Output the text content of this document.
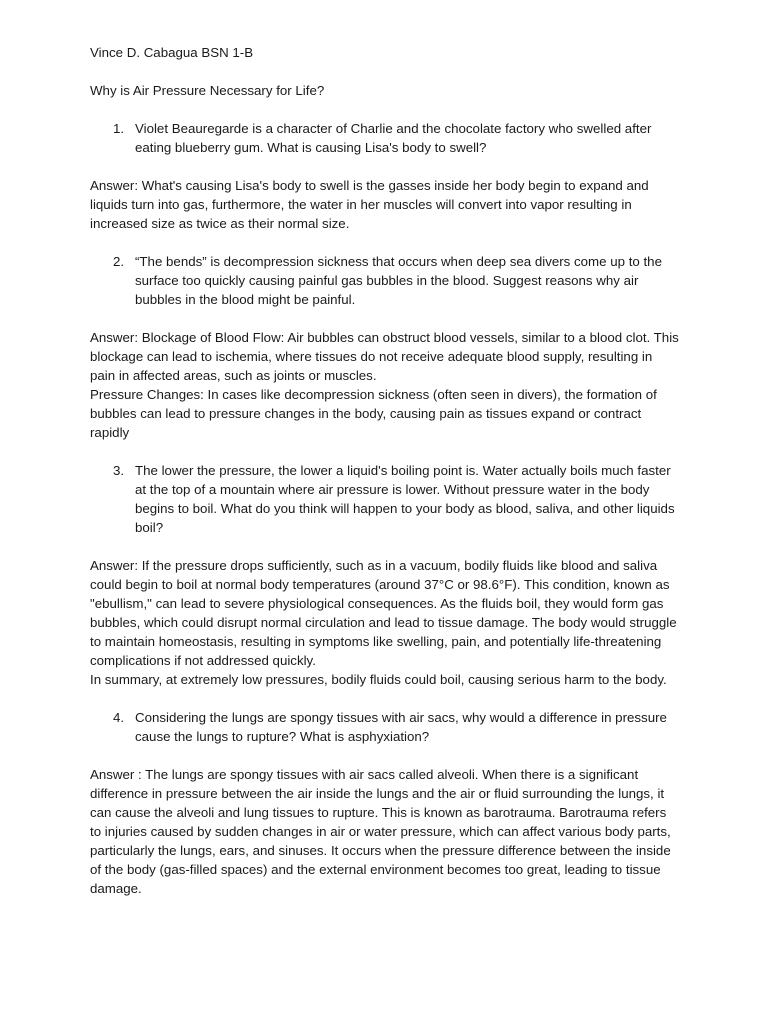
Vince D. Cabagua BSN 1-B

Why is Air Pressure Necessary for Life?

1. Violet Beauregarde is a character of Charlie and the chocolate factory who swelled after eating blueberry gum. What is causing Lisa's body to swell?

Answer: What's causing Lisa's body to swell is the gasses inside her body begin to expand and liquids turn into gas, furthermore, the water in her muscles will convert into vapor resulting in increased size as twice as their normal size.

2. “The bends” is decompression sickness that occurs when deep sea divers come up to the surface too quickly causing painful gas bubbles in the blood. Suggest reasons why air bubbles in the blood might be painful.

Answer: Blockage of Blood Flow: Air bubbles can obstruct blood vessels, similar to a blood clot. This blockage can lead to ischemia, where tissues do not receive adequate blood supply, resulting in pain in affected areas, such as joints or muscles.

Pressure Changes: In cases like decompression sickness (often seen in divers), the formation of bubbles can lead to pressure changes in the body, causing pain as tissues expand or contract rapidly

3. The lower the pressure, the lower a liquid's boiling point is. Water actually boils much faster at the top of a mountain where air pressure is lower. Without pressure water in the body begins to boil. What do you think will happen to your body as blood, saliva, and other liquids boil?

Answer: If the pressure drops sufficiently, such as in a vacuum, bodily fluids like blood and saliva could begin to boil at normal body temperatures (around 37°C or 98.6°F). This condition, known as "ebullism," can lead to severe physiological consequences. As the fluids boil, they would form gas bubbles, which could disrupt normal circulation and lead to tissue damage. The body would struggle to maintain homeostasis, resulting in symptoms like swelling, pain, and potentially life-threatening complications if not addressed quickly.

In summary, at extremely low pressures, bodily fluids could boil, causing serious harm to the body.

4. Considering the lungs are spongy tissues with air sacs, why would a difference in pressure cause the lungs to rupture? What is asphyxiation?

Answer : The lungs are spongy tissues with air sacs called alveoli. When there is a significant difference in pressure between the air inside the lungs and the air or fluid surrounding the lungs, it can cause the alveoli and lung tissues to rupture. This is known as barotrauma. Barotrauma refers to injuries caused by sudden changes in air or water pressure, which can affect various body parts, particularly the lungs, ears, and sinuses. It occurs when the pressure difference between the inside of the body (gas-filled spaces) and the external environment becomes too great, leading to tissue damage.
